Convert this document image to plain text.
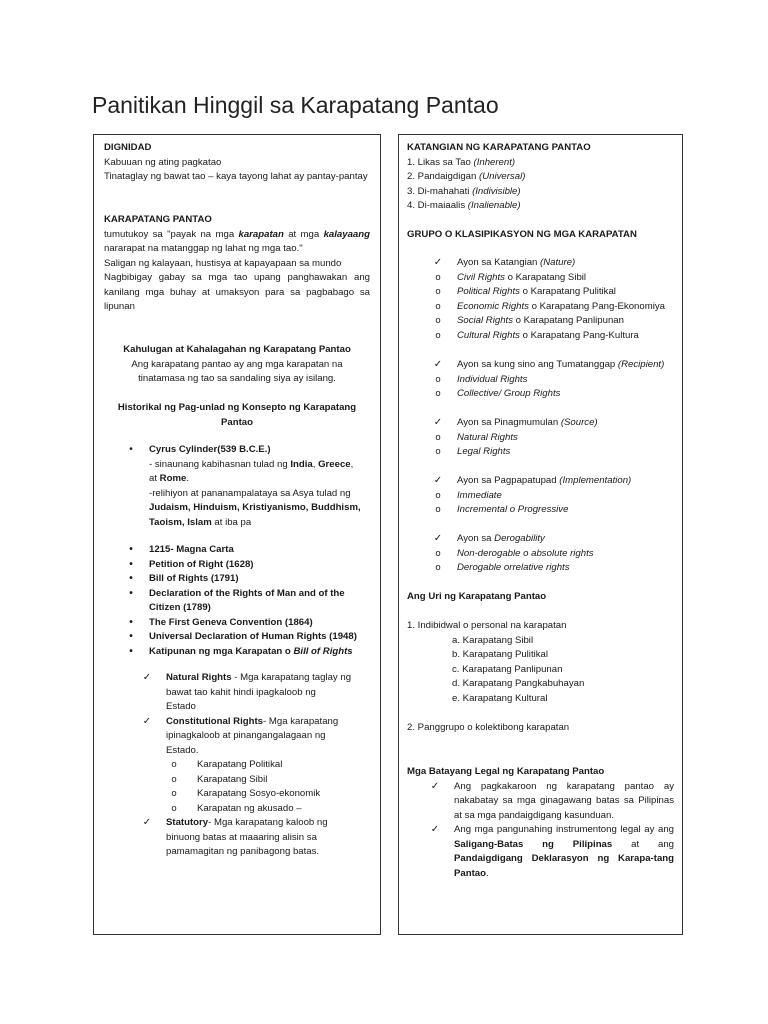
Panitikan Hinggil sa Karapatang Pantao

DIGNIDAD

Kabuuan ng ating pagkatao

Tinataglay ng bawat tao – kaya tayong lahat ay pantay-pantay

KARAPATANG PANTAO

tumutukoy sa "payak na mga karapatan at mga kalayaang nararapat na matanggap ng lahat ng mga tao."

Saligan ng kalayaan, hustisya at kapayapaan sa mundo

Nagbibigay gabay sa mga tao upang panghawakan ang kanilang mga buhay at umaksyon para sa pagbabago sa lipunan

Kahulugan at Kahalagahan ng Karapatang Pantao

Ang karapatang pantao ay ang mga karapatan na tinatamasa ng tao sa sandaling siya ay isilang.

Historikal ng Pag-unlad ng Konsepto ng Karapatang Pantao

•	Cyrus Cylinder(539 B.C.E.)
- sinaunang kabihasnan tulad ng India, Greece,
at Rome.
-relihiyon at pananampalataya sa Asya tulad ng
Judaism, Hinduism, Kristiyanismo, Buddhism,
Taoism, Islam at iba pa
•	1215- Magna Carta
•	Petition of Right (1628)
•	Bill of Rights (1791)
•	Declaration of the Rights of Man and of the
Citizen (1789)
•	The First Geneva Convention (1864)
•	Universal Declaration of Human Rights (1948)
•	Katipunan ng mga Karapatan o Bill of Rights
✓	Natural Rights - Mga karapatang taglay ng
bawat tao kahit hindi ipagkaloob ng
Estado
✓	Constitutional Rights- Mga karapatang
ipinagkaloob at pinangangalagaan ng
Estado.
o	Karapatang Politikal
o	Karapatang Sibil
o	Karapatang Sosyo-ekonomik
o	Karapatan ng akusado –
✓	Statutory- Mga karapatang kaloob ng
binuong batas at maaaring alisin sa
pamamagitan ng panibagong batas.

KATANGIAN NG KARAPATANG PANTAO

1. Likas sa Tao (Inherent)

2. Pandaigdigan (Universal)

3. Di-mahahati (Indivisible)

4. Di-maiaalis (Inalienable)

GRUPO O KLASIPIKASYON NG MGA KARAPATAN

✓	Ayon sa Katangian (Nature)
o	Civil Rights o Karapatang Sibil
o	Political Rights o Karapatang Pulitikal
o	Economic Rights o Karapatang Pang-Ekonomiya
o	Social Rights o Karapatang Panlipunan
o	Cultural Rights o Karapatang Pang-Kultura
✓	Ayon sa kung sino ang Tumatanggap (Recipient)
o	Individual Rights
o	Collective/ Group Rights
✓	Ayon sa Pinagmumulan (Source)
o	Natural Rights
o	Legal Rights
✓	Ayon sa Pagpapatupad (Implementation)
o	Immediate
o	Incremental o Progressive
✓	Ayon sa Derogability
o	Non-derogable o absolute rights
o	Derogable orrelative rights

Ang Uri ng Karapatang Pantao

1. Indibidwal o personal na karapatan

a. Karapatang Sibil

b. Karapatang Pulitikal

c. Karapatang Panlipunan

d. Karapatang Pangkabuhayan

e. Karapatang Kultural

2. Panggrupo o kolektibong karapatan

Mga Batayang Legal ng Karapatang Pantao

✓	Ang pagkakaroon ng karapatang pantao ay nakabatay sa mga ginagawang batas sa Pilipinas at sa mga pandaigdigang kasunduan.

✓	Ang mga pangunahing instrumentong legal ay ang Saligang-Batas ng Pilipinas at ang Pandaigdigang Deklarasyon ng Karapa-tang Pantao.
